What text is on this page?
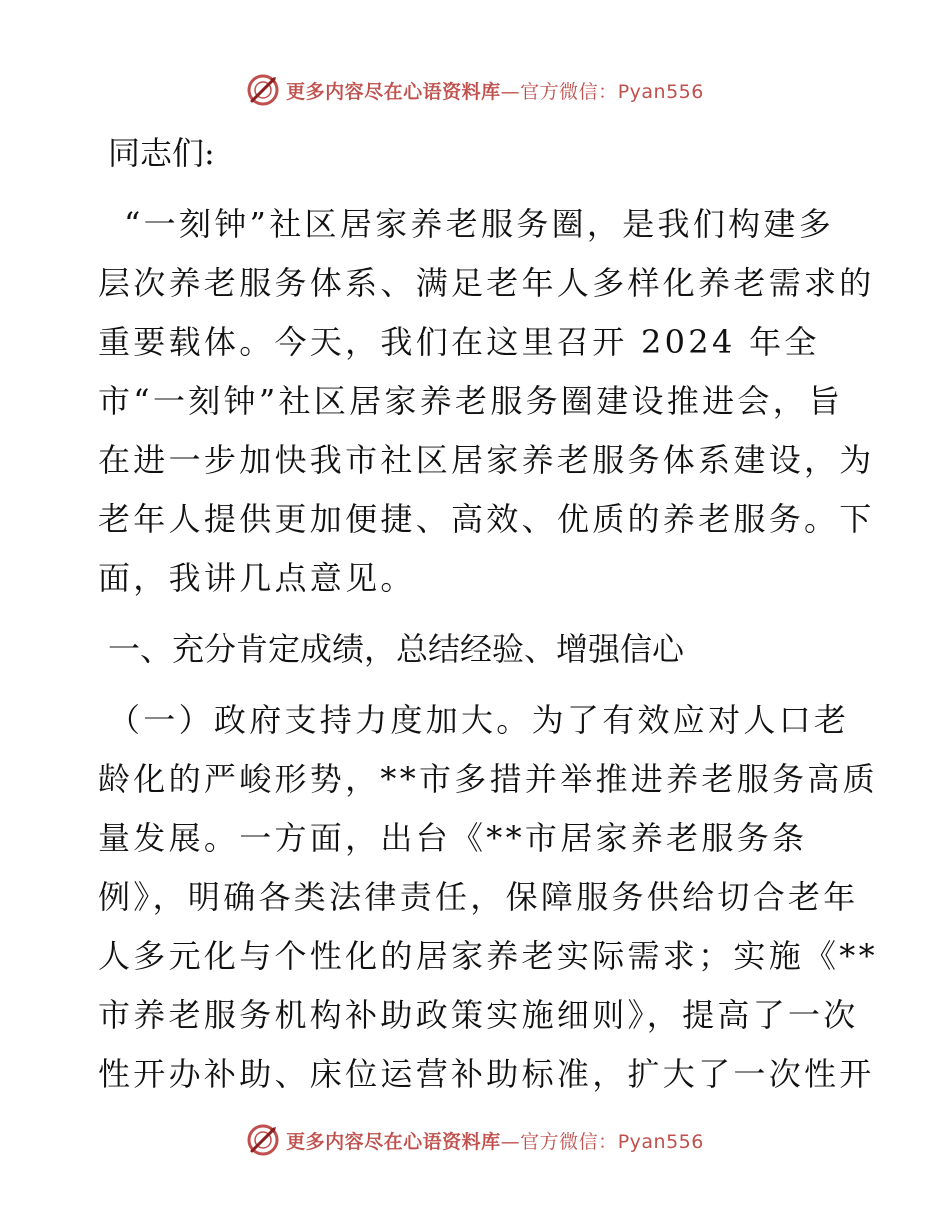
更多内容尽在心语资料库—官方微信：Pyan556
同志们:
“一刻钟”社区居家养老服务圈，是我们构建多
层次养老服务体系、满足老年人多样化养老需求的
重要载体。今天，我们在这里召开 2024 年全
市“一刻钟”社区居家养老服务圈建设推进会，旨
在进一步加快我市社区居家养老服务体系建设，为
老年人提供更加便捷、高效、优质的养老服务。下
面，我讲几点意见。
一、充分肯定成绩，总结经验、增强信心
（一）政府支持力度加大。为了有效应对人口老
龄化的严峻形势，**市多措并举推进养老服务高质
量发展。一方面，出台《**市居家养老服务条
例》，明确各类法律责任，保障服务供给切合老年
人多元化与个性化的居家养老实际需求；实施《**
市养老服务机构补助政策实施细则》，提高了一次
性开办补助、床位运营补助标准，扩大了一次性开
更多内容尽在心语资料库—官方微信：Pyan556
